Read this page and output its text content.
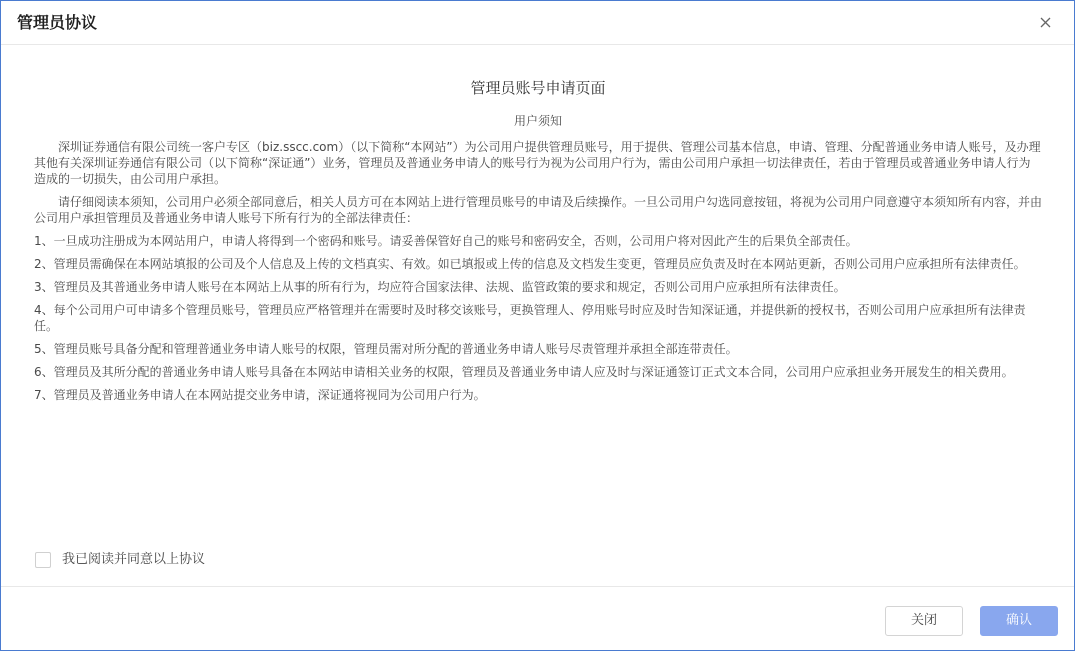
管理员协议
管理员账号申请页面
用户须知

深圳证券通信有限公司统一客户专区（biz.sscc.com）（以下简称“本网站”）为公司用户提供管理员账号，用于提供、管理公司基本信息，申请、管理、分配普通业务申请人账号，及办理其他有关深圳证券通信有限公司（以下简称“深证通”）业务，管理员及普通业务申请人的账号行为视为公司用户行为，需由公司用户承担一切法律责任，若由于管理员或普通业务申请人行为造成的一切损失，由公司用户承担。

请仔细阅读本须知，公司用户必须全部同意后，相关人员方可在本网站上进行管理员账号的申请及后续操作。一旦公司用户勾选同意按钮，将视为公司用户同意遵守本须知所有内容，并由公司用户承担管理员及普通业务申请人账号下所有行为的全部法律责任：

1、一旦成功注册成为本网站用户，申请人将得到一个密码和账号。请妥善保管好自己的账号和密码安全，否则，公司用户将对因此产生的后果负全部责任。

2、管理员需确保在本网站填报的公司及个人信息及上传的文档真实、有效。如已填报或上传的信息及文档发生变更，管理员应负责及时在本网站更新，否则公司用户应承担所有法律责任。

3、管理员及其普通业务申请人账号在本网站上从事的所有行为，均应符合国家法律、法规、监管政策的要求和规定，否则公司用户应承担所有法律责任。

4、每个公司用户可申请多个管理员账号，管理员应严格管理并在需要时及时移交该账号，更换管理人、停用账号时应及时告知深证通，并提供新的授权书，否则公司用户应承担所有法律责任。

5、管理员账号具备分配和管理普通业务申请人账号的权限，管理员需对所分配的普通业务申请人账号尽责管理并承担全部连带责任。

6、管理员及其所分配的普通业务申请人账号具备在本网站申请相关业务的权限，管理员及普通业务申请人应及时与深证通签订正式文本合同，公司用户应承担业务开展发生的相关费用。

7、管理员及普通业务申请人在本网站提交业务申请，深证通将视同为公司用户行为。

我已阅读并同意以上协议
关闭	确认
